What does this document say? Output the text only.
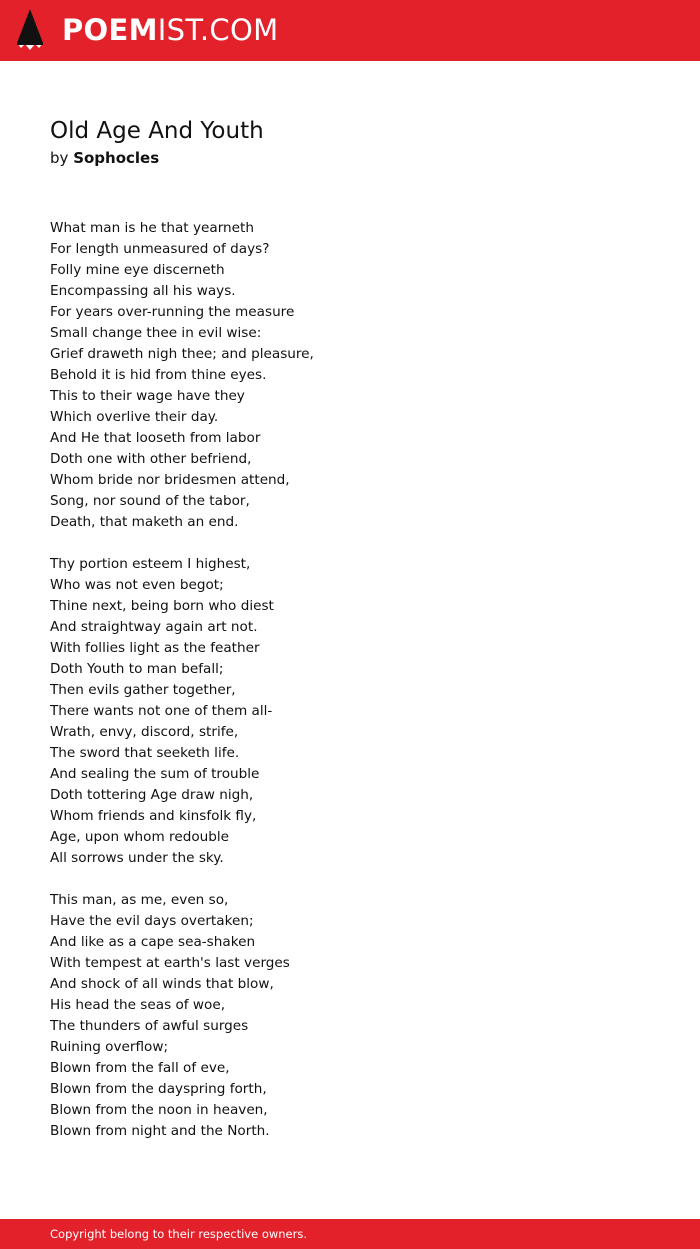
POEMIST.COM
Old Age And Youth
by Sophocles
What man is he that yearneth
For length unmeasured of days?
Folly mine eye discerneth
Encompassing all his ways.
For years over-running the measure
Small change thee in evil wise:
Grief draweth nigh thee; and pleasure,
Behold it is hid from thine eyes.
This to their wage have they
Which overlive their day.
And He that looseth from labor
Doth one with other befriend,
Whom bride nor bridesmen attend,
Song, nor sound of the tabor,
Death, that maketh an end.
Thy portion esteem I highest,
Who was not even begot;
Thine next, being born who diest
And straightway again art not.
With follies light as the feather
Doth Youth to man befall;
Then evils gather together,
There wants not one of them all-
Wrath, envy, discord, strife,
The sword that seeketh life.
And sealing the sum of trouble
Doth tottering Age draw nigh,
Whom friends and kinsfolk fly,
Age, upon whom redouble
All sorrows under the sky.
This man, as me, even so,
Have the evil days overtaken;
And like as a cape sea-shaken
With tempest at earth's last verges
And shock of all winds that blow,
His head the seas of woe,
The thunders of awful surges
Ruining overflow;
Blown from the fall of eve,
Blown from the dayspring forth,
Blown from the noon in heaven,
Blown from night and the North.
Copyright belong to their respective owners.
